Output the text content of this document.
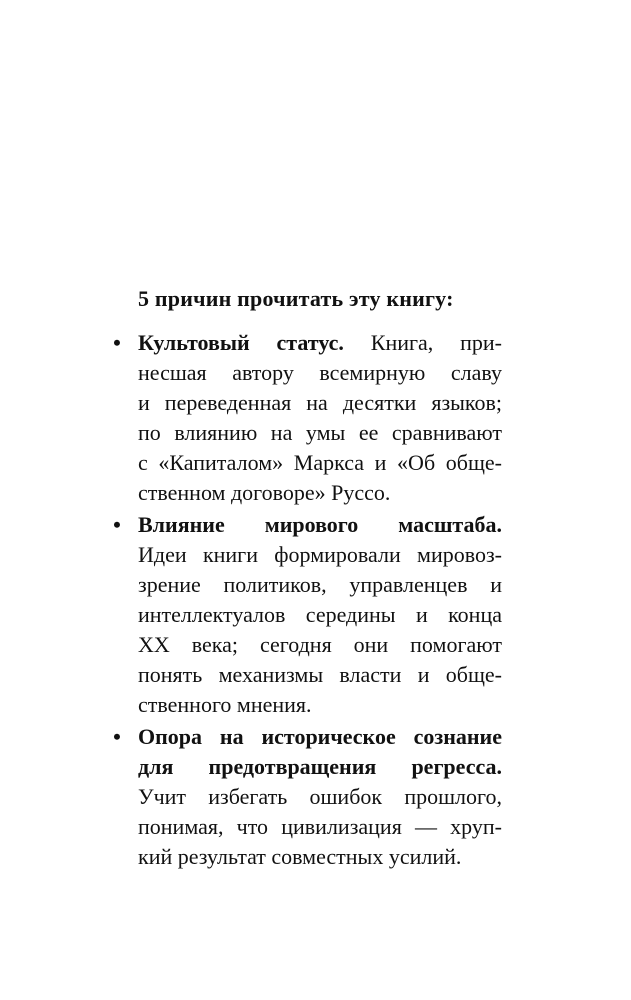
5 причин прочитать эту книгу:
• Культовый статус. Книга, при-
несшая автору всемирную славу
и переведенная на десятки языков;
по влиянию на умы ее сравнивают
с «Капиталом» Маркса и «Об обще-
ственном договоре» Руссо.
• Влияние мирового масштаба.
Идеи книги формировали мировоз-
зрение политиков, управленцев и
интеллектуалов середины и конца
XX века; сегодня они помогают
понять механизмы власти и обще-
ственного мнения.
• Опора на историческое сознание
для предотвращения регресса.
Учит избегать ошибок прошлого,
понимая, что цивилизация — хруп-
кий результат совместных усилий.
